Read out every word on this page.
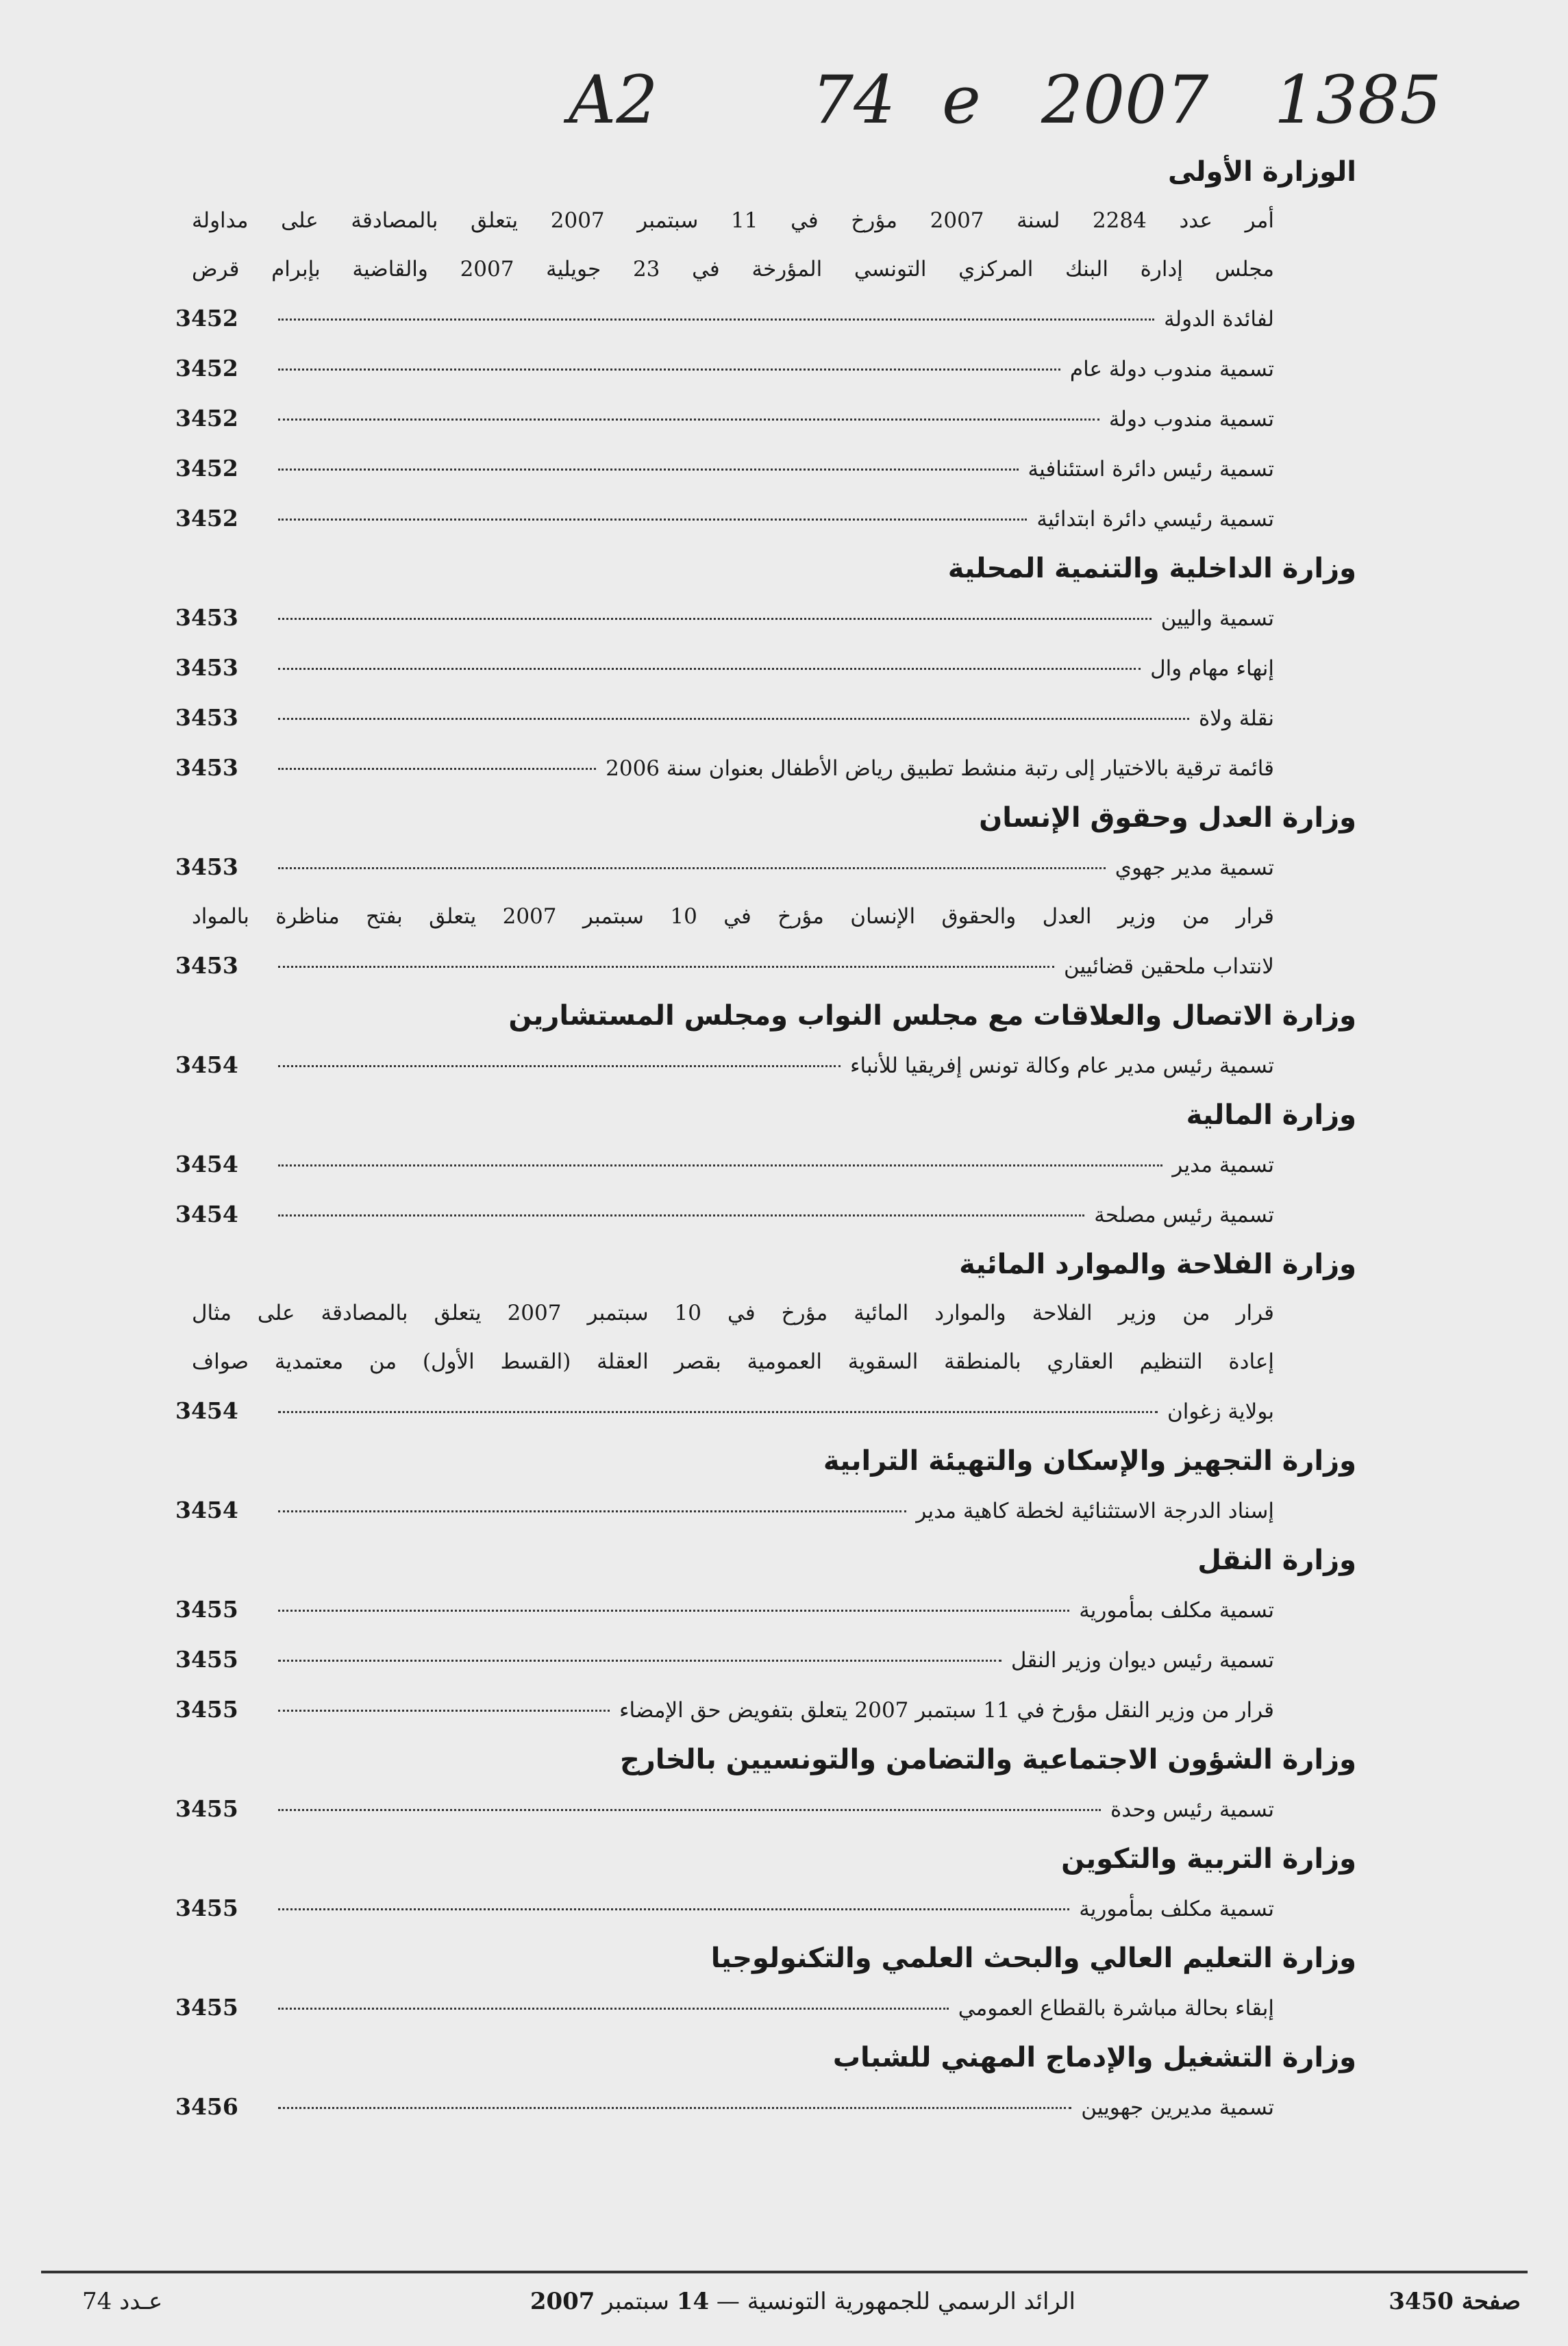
A2 74 e 2007 1385
الوزارة الأولى
أمر عدد 2284 لسنة 2007 مؤرخ في 11 سبتمبر 2007 يتعلق بالمصادقة على مداولة
مجلس إدارة البنك المركزي التونسي المؤرخة في 23 جويلية 2007 والقاضية بإبرام قرض
لفائدة الدولة
3452
تسمية مندوب دولة عام
3452
تسمية مندوب دولة
3452
تسمية رئيس دائرة استئنافية
3452
تسمية رئيسي دائرة ابتدائية
3452
وزارة الداخلية والتنمية المحلية
تسمية واليين
3453
إنهاء مهام وال
3453
نقلة ولاة
3453
قائمة ترقية بالاختيار إلى رتبة منشط تطبيق رياض الأطفال بعنوان سنة 2006
3453
وزارة العدل وحقوق الإنسان
تسمية مدير جهوي
3453
قرار من وزير العدل والحقوق الإنسان مؤرخ في 10 سبتمبر 2007 يتعلق بفتح مناظرة بالمواد
لانتداب ملحقين قضائيين
3453
وزارة الاتصال والعلاقات مع مجلس النواب ومجلس المستشارين
تسمية رئيس مدير عام وكالة تونس إفريقيا للأنباء
3454
وزارة المالية
تسمية مدير
3454
تسمية رئيس مصلحة
3454
وزارة الفلاحة والموارد المائية
قرار من وزير الفلاحة والموارد المائية مؤرخ في 10 سبتمبر 2007 يتعلق بالمصادقة على مثال
إعادة التنظيم العقاري بالمنطقة السقوية العمومية بقصر العقلة (القسط الأول) من معتمدية صواف
بولاية زغوان
3454
وزارة التجهيز والإسكان والتهيئة الترابية
إسناد الدرجة الاستثنائية لخطة كاهية مدير
3454
وزارة النقل
تسمية مكلف بمأمورية
3455
تسمية رئيس ديوان وزير النقل
3455
قرار من وزير النقل مؤرخ في 11 سبتمبر 2007 يتعلق بتفويض حق الإمضاء
3455
وزارة الشؤون الاجتماعية والتضامن والتونسيين بالخارج
تسمية رئيس وحدة
3455
وزارة التربية والتكوين
تسمية مكلف بمأمورية
3455
وزارة التعليم العالي والبحث العلمي والتكنولوجيا
إبقاء بحالة مباشرة بالقطاع العمومي
3455
وزارة التشغيل والإدماج المهني للشباب
تسمية مديرين جهويين
3456
صفحة 3450
الرائد الرسمي للجمهورية التونسية — 14 سبتمبر 2007
عـدد 74
